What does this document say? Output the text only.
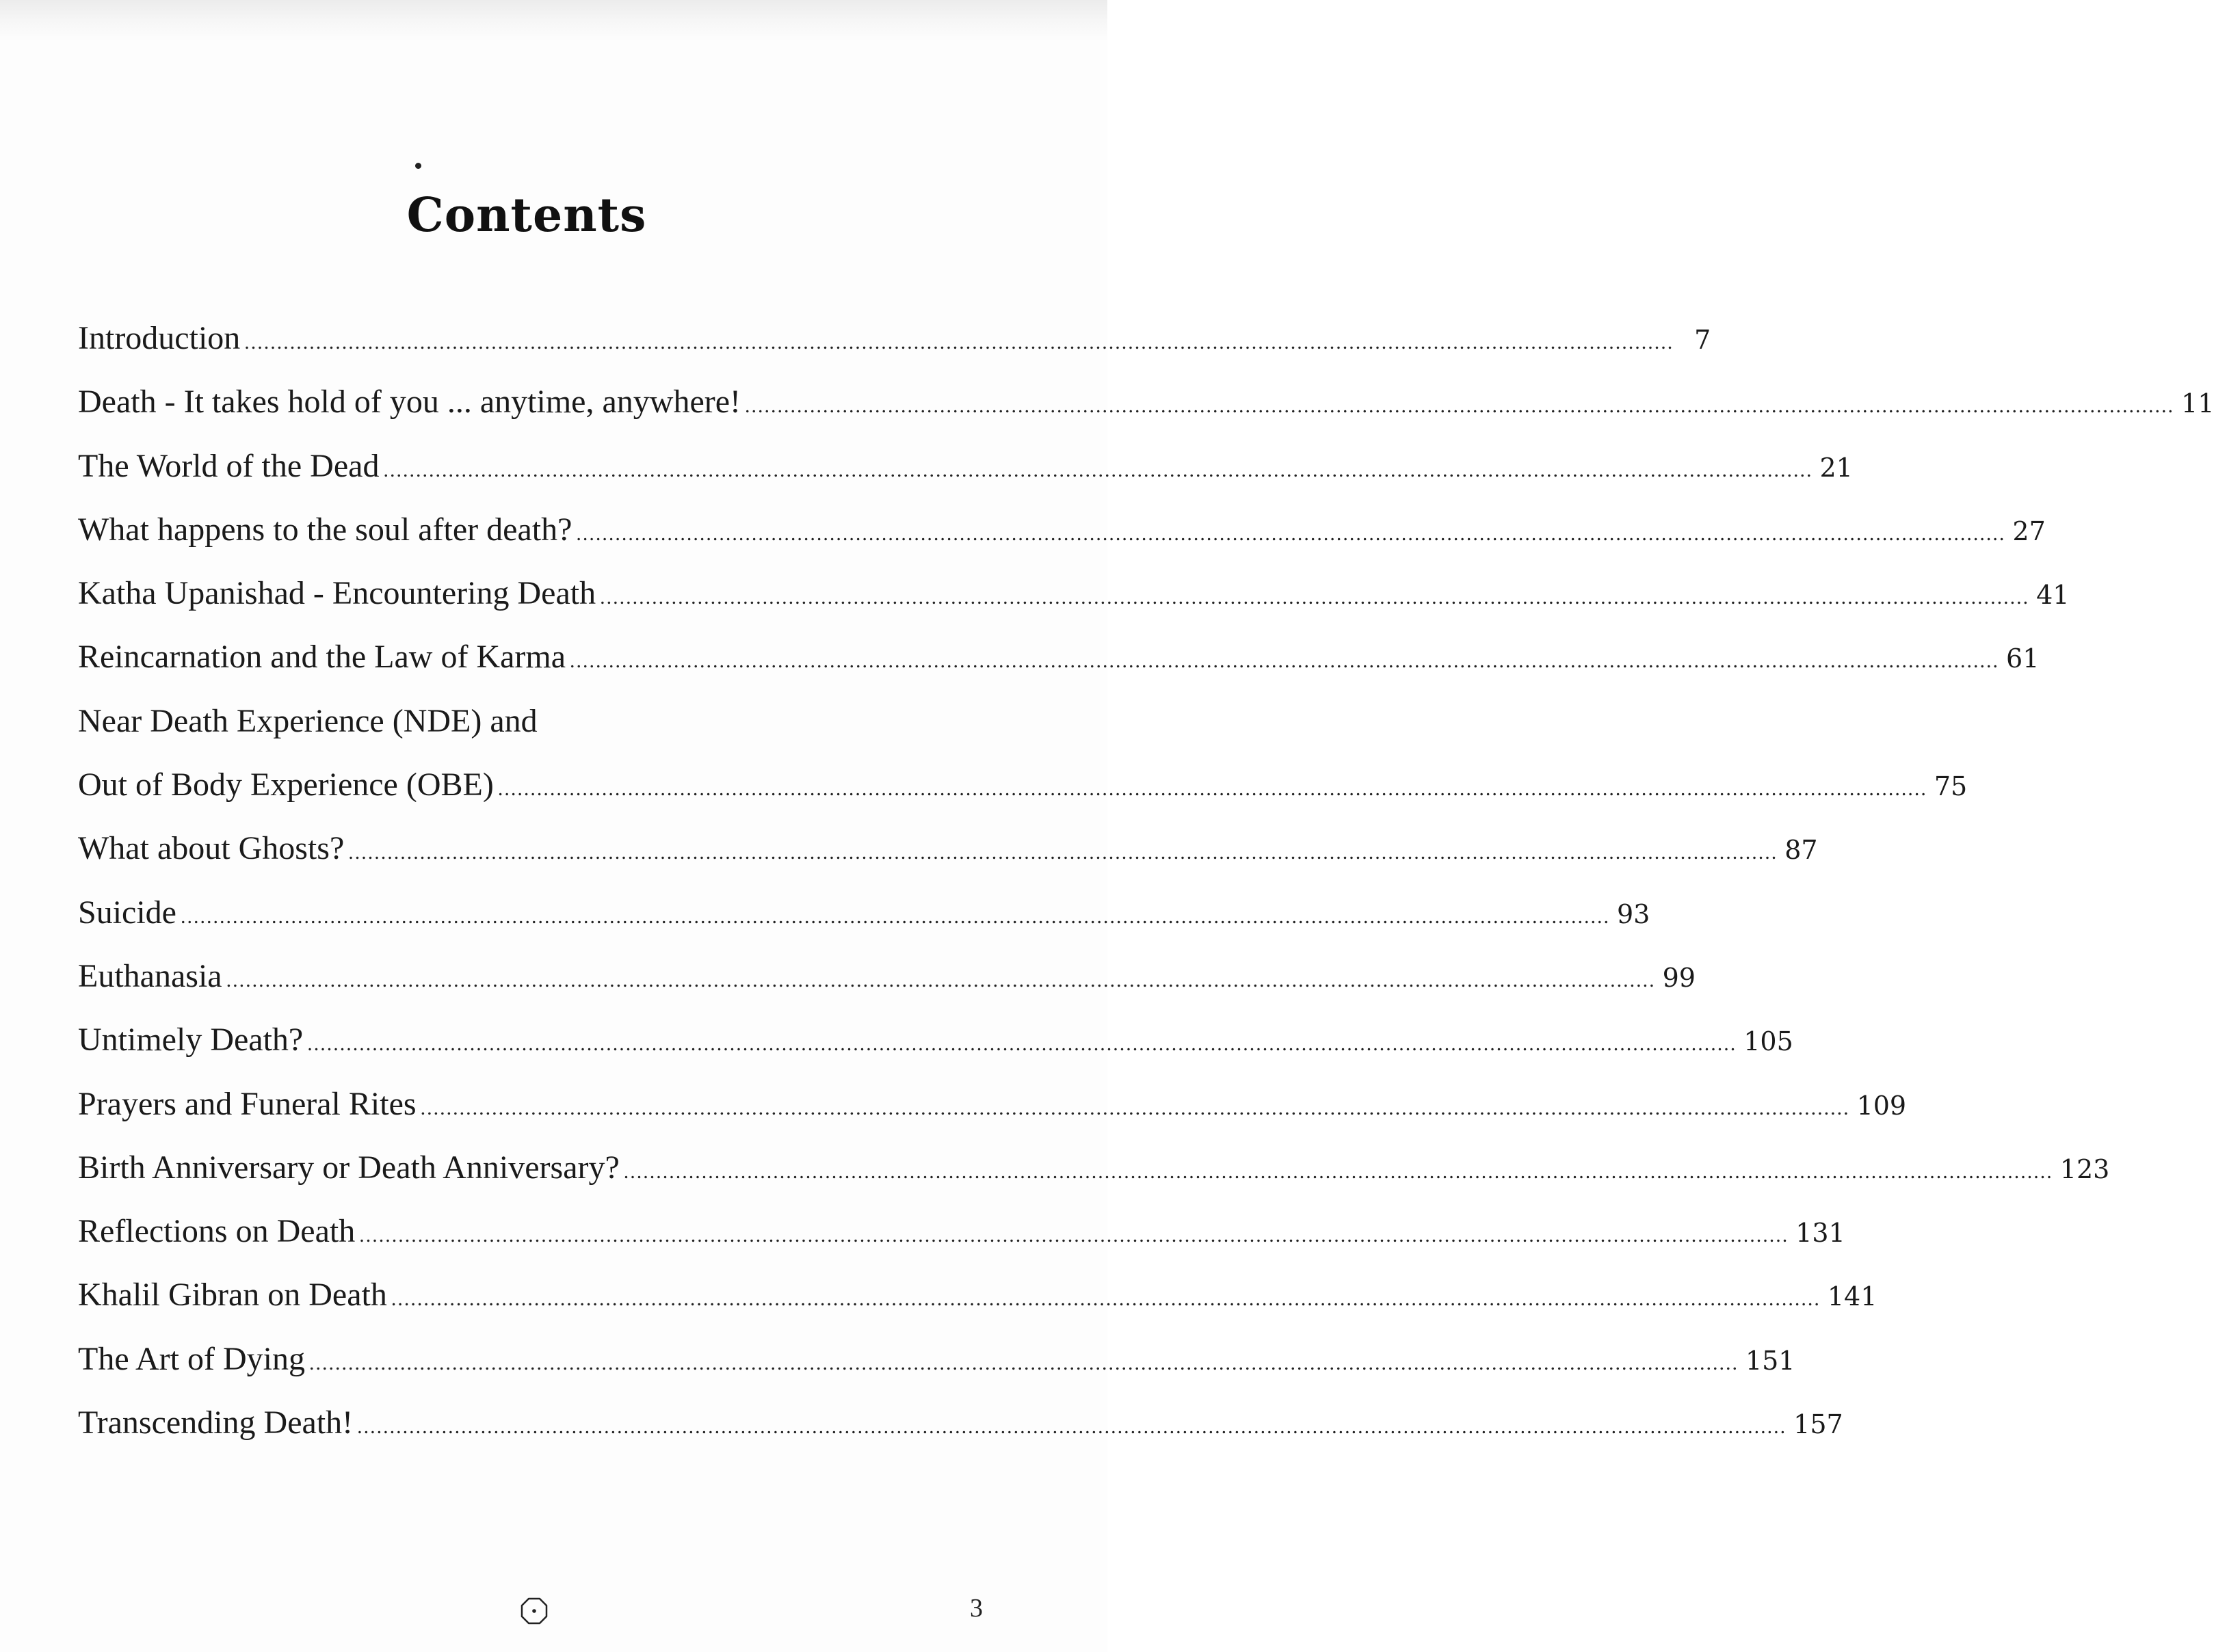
Contents
Introduction ............................................................................................................................................................................................................................ 7
Death - It takes hold of you ... anytime, anywhere! ............................................................................................................................................................................................................................ 11
The World of the Dead ............................................................................................................................................................................................................................ 21
What happens to the soul after death? ............................................................................................................................................................................................................................ 27
Katha Upanishad - Encountering Death ............................................................................................................................................................................................................................ 41
Reincarnation and the Law of Karma ............................................................................................................................................................................................................................ 61
Near Death Experience (NDE) and
Out of Body Experience (OBE) ............................................................................................................................................................................................................................ 75
What about Ghosts? ............................................................................................................................................................................................................................ 87
Suicide ............................................................................................................................................................................................................................ 93
Euthanasia ............................................................................................................................................................................................................................ 99
Untimely Death? ............................................................................................................................................................................................................................ 105
Prayers and Funeral Rites ............................................................................................................................................................................................................................ 109
Birth Anniversary or Death Anniversary? ............................................................................................................................................................................................................................ 123
Reflections on Death ............................................................................................................................................................................................................................ 131
Khalil Gibran on Death ............................................................................................................................................................................................................................ 141
The Art of Dying ............................................................................................................................................................................................................................ 151
Transcending Death! ............................................................................................................................................................................................................................ 157
3
